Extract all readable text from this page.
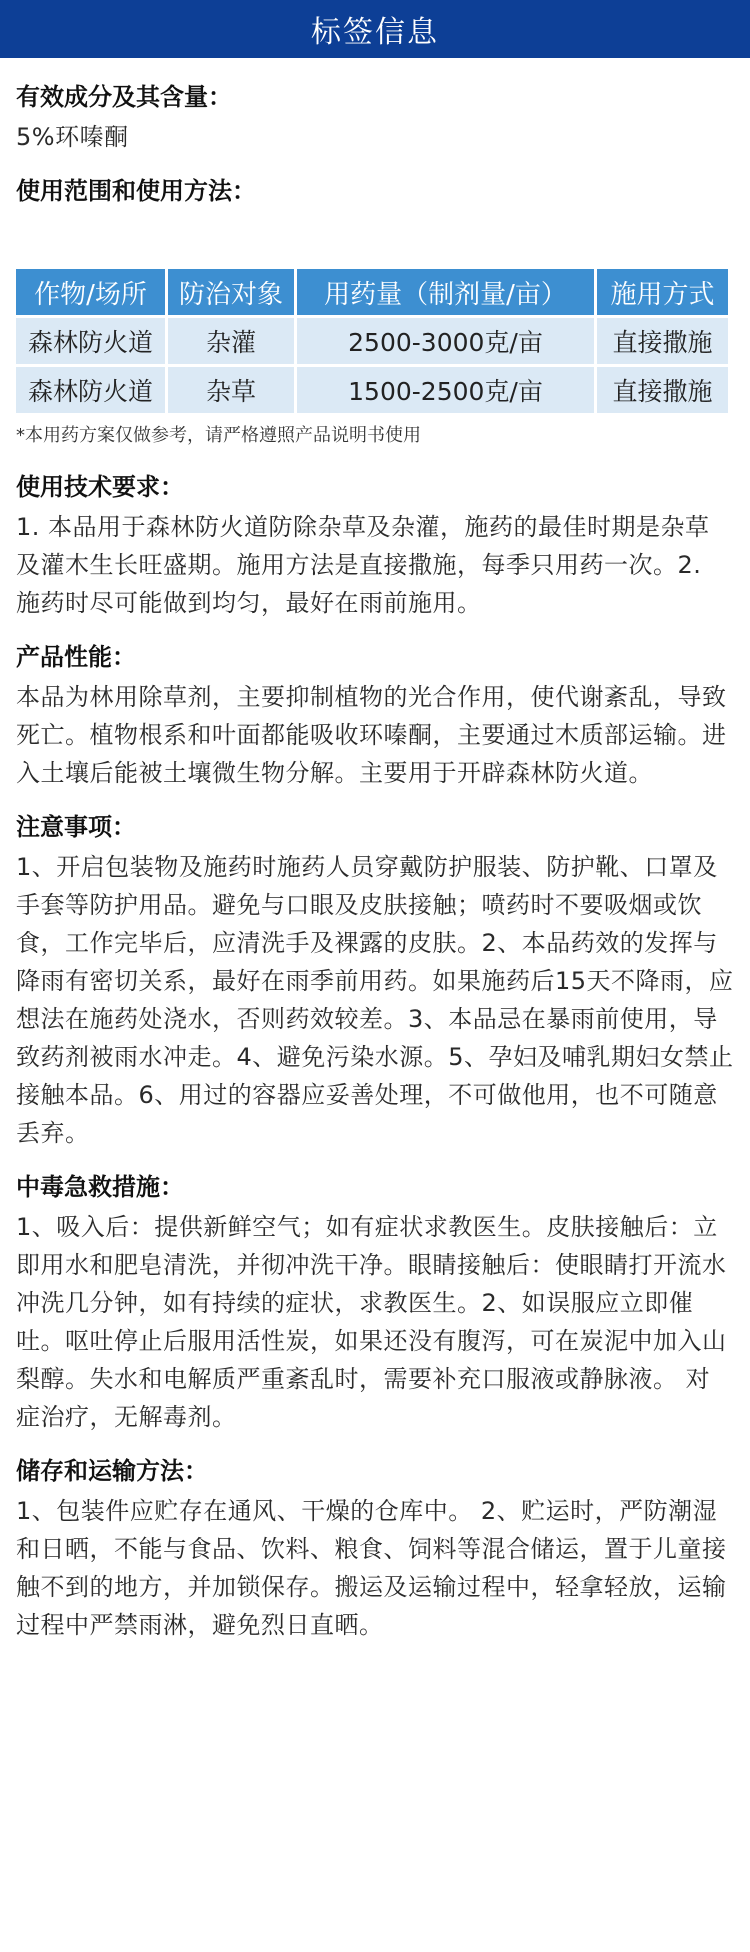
标签信息
有效成分及其含量：
5%环嗪酮
使用范围和使用方法：
作物/场所	防治对象	用药量（制剂量/亩）	施用方式
森林防火道	杂灌	2500-3000克/亩	直接撒施
森林防火道	杂草	1500-2500克/亩	直接撒施
*本用药方案仅做参考，请严格遵照产品说明书使用
使用技术要求：
1. 本品用于森林防火道防除杂草及杂灌，施药的最佳时期是杂草及灌木生长旺盛期。施用方法是直接撒施，每季只用药一次。2. 施药时尽可能做到均匀，最好在雨前施用。
产品性能：
本品为林用除草剂，主要抑制植物的光合作用，使代谢紊乱，导致死亡。植物根系和叶面都能吸收环嗪酮，主要通过木质部运输。进入土壤后能被土壤微生物分解。主要用于开辟森林防火道。
注意事项：
1、开启包装物及施药时施药人员穿戴防护服装、防护靴、口罩及手套等防护用品。避免与口眼及皮肤接触；喷药时不要吸烟或饮食，工作完毕后，应清洗手及裸露的皮肤。2、本品药效的发挥与降雨有密切关系，最好在雨季前用药。如果施药后15天不降雨，应想法在施药处浇水，否则药效较差。3、本品忌在暴雨前使用，导致药剂被雨水冲走。4、避免污染水源。5、孕妇及哺乳期妇女禁止接触本品。6、用过的容器应妥善处理，不可做他用，也不可随意丢弃。
中毒急救措施：
1、吸入后：提供新鲜空气；如有症状求教医生。皮肤接触后：立即用水和肥皂清洗，并彻冲洗干净。眼睛接触后：使眼睛打开流水冲洗几分钟，如有持续的症状，求教医生。2、如误服应立即催吐。呕吐停止后服用活性炭，如果还没有腹泻，可在炭泥中加入山梨醇。失水和电解质严重紊乱时，需要补充口服液或静脉液。 对症治疗，无解毒剂。
储存和运输方法：
1、包装件应贮存在通风、干燥的仓库中。 2、贮运时，严防潮湿和日晒，不能与食品、饮料、粮食、饲料等混合储运，置于儿童接触不到的地方，并加锁保存。搬运及运输过程中，轻拿轻放，运输过程中严禁雨淋，避免烈日直晒。
